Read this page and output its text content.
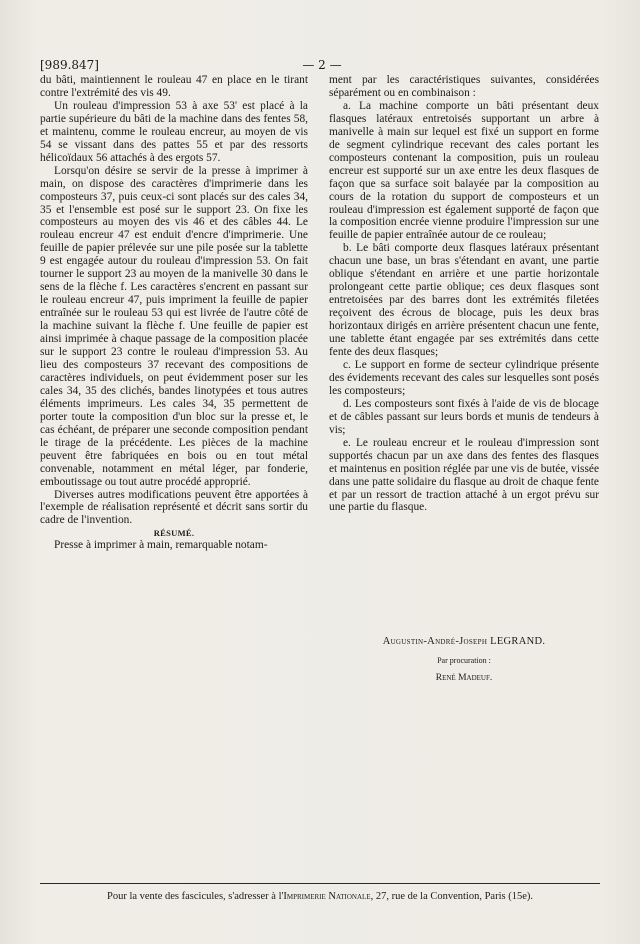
[989.847]	— 2 —

du bâti, maintiennent le rouleau 47 en place en le tirant contre l'extrémité des vis 49.

Un rouleau d'impression 53 à axe 53' est placé à la partie supérieure du bâti de la machine dans des fentes 58, et maintenu, comme le rouleau encreur, au moyen de vis 54 se vissant dans des pattes 55 et par des ressorts hélicoïdaux 56 attachés à des ergots 57.

Lorsqu'on désire se servir de la presse à imprimer à main, on dispose des caractères d'imprimerie dans les composteurs 37, puis ceux-ci sont placés sur des cales 34, 35 et l'ensemble est posé sur le support 23. On fixe les composteurs au moyen des vis 46 et des câbles 44. Le rouleau encreur 47 est enduit d'encre d'imprimerie. Une feuille de papier prélevée sur une pile posée sur la tablette 9 est engagée autour du rouleau d'impression 53. On fait tourner le support 23 au moyen de la manivelle 30 dans le sens de la flèche f. Les caractères s'encrent en passant sur le rouleau encreur 47, puis impriment la feuille de papier entraînée sur le rouleau 53 qui est livrée de l'autre côté de la machine suivant la flèche f. Une feuille de papier est ainsi imprimée à chaque passage de la composition placée sur le support 23 contre le rouleau d'impression 53. Au lieu des composteurs 37 recevant des compositions de caractères individuels, on peut évidemment poser sur les cales 34, 35 des clichés, bandes linotypées et tous autres éléments imprimeurs. Les cales 34, 35 permettent de porter toute la composition d'un bloc sur la presse et, le cas échéant, de préparer une seconde composition pendant le tirage de la précédente. Les pièces de la machine peuvent être fabriquées en bois ou en tout métal convenable, notamment en métal léger, par fonderie, emboutissage ou tout autre procédé approprié.

Diverses autres modifications peuvent être apportées à l'exemple de réalisation représenté et décrit sans sortir du cadre de l'invention.

RÉSUMÉ.

Presse à imprimer à main, remarquable notam-

ment par les caractéristiques suivantes, considérées séparément ou en combinaison :

a. La machine comporte un bâti présentant deux flasques latéraux entretoisés supportant un arbre à manivelle à main sur lequel est fixé un support en forme de segment cylindrique recevant des cales portant les composteurs contenant la composition, puis un rouleau encreur est supporté sur un axe entre les deux flasques de façon que sa surface soit balayée par la composition au cours de la rotation du support de composteurs et un rouleau d'impression est également supporté de façon que la composition encrée vienne produire l'impression sur une feuille de papier entraînée autour de ce rouleau;

b. Le bâti comporte deux flasques latéraux présentant chacun une base, un bras s'étendant en avant, une partie oblique s'étendant en arrière et une partie horizontale prolongeant cette partie oblique; ces deux flasques sont entretoisées par des barres dont les extrémités filetées reçoivent des écrous de blocage, puis les deux bras horizontaux dirigés en arrière présentent chacun une fente, une tablette étant engagée par ses extrémités dans cette fente des deux flasques;

c. Le support en forme de secteur cylindrique présente des évidements recevant des cales sur lesquelles sont posés les composteurs;

d. Les composteurs sont fixés à l'aide de vis de blocage et de câbles passant sur leurs bords et munis de tendeurs à vis;

e. Le rouleau encreur et le rouleau d'impression sont supportés chacun par un axe dans des fentes des flasques et maintenus en position réglée par une vis de butée, vissée dans une patte solidaire du flasque au droit de chaque fente et par un ressort de traction attaché à un ergot prévu sur une partie du flasque.

Augustin-André-Joseph LEGRAND.
Par procuration :
René Madeuf.
Pour la vente des fascicules, s'adresser à l'Imprimerie Nationale, 27, rue de la Convention, Paris (15e).
